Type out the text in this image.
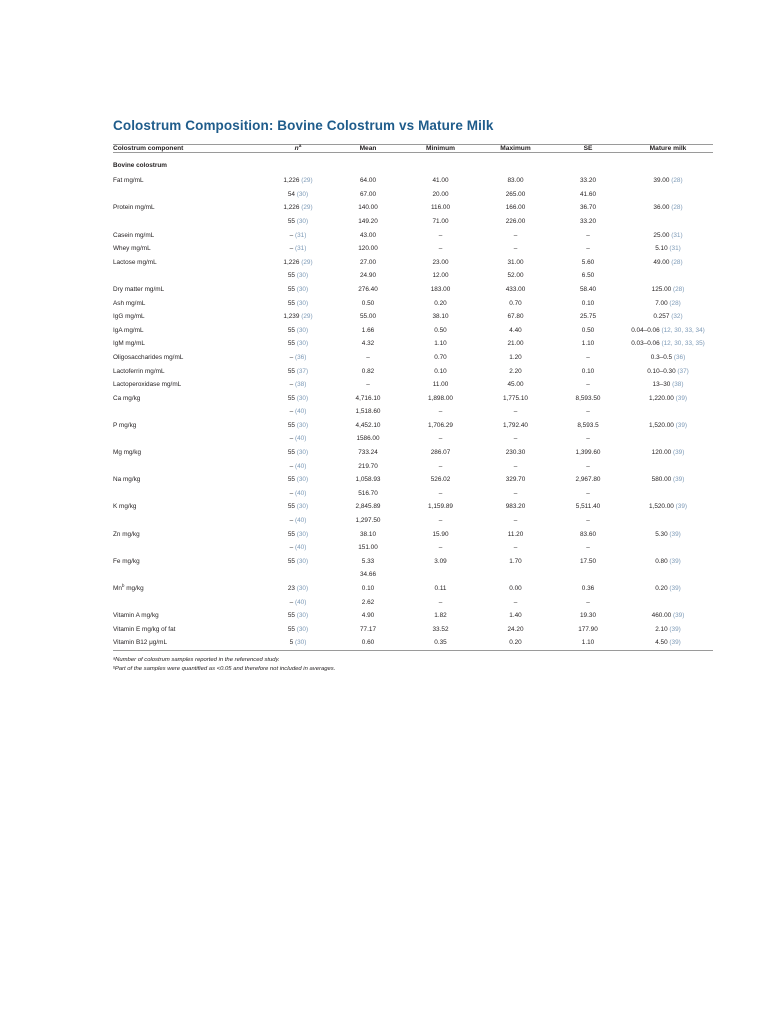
Colostrum Composition: Bovine Colostrum vs Mature Milk
Colostrum component	$n^a$	Mean	Minimum	Maximum	SE	Mature milk
Bovine colostrum						
Fat mg/mL	1,226 (29)	64.00	41.00	83.00	33.20	39.00 (28)
	54 (30)	67.00	20.00	265.00	41.60	
Protein mg/mL	1,226 (29)	140.00	116.00	166.00	36.70	36.00 (28)
	55 (30)	149.20	71.00	226.00	33.20	
Casein mg/mL	– (31)	43.00	–	–	–	25.00 (31)
Whey mg/mL	– (31)	120.00	–	–	–	5.10 (31)
Lactose mg/mL	1,226 (29)	27.00	23.00	31.00	5.60	49.00 (28)
	55 (30)	24.90	12.00	52.00	6.50	
Dry matter mg/mL	55 (30)	276.40	183.00	433.00	58.40	125.00 (28)
Ash mg/mL	55 (30)	0.50	0.20	0.70	0.10	7.00 (28)
IgG mg/mL	1,239 (29)	55.00	38.10	67.80	25.75	0.257 (32)
IgA mg/mL	55 (30)	1.66	0.50	4.40	0.50	0.04–0.06 (12, 30, 33, 34)
IgM mg/mL	55 (30)	4.32	1.10	21.00	1.10	0.03–0.06 (12, 30, 33, 35)
Oligosaccharides mg/mL	– (36)	–	0.70	1.20	–	0.3–0.5 (36)
Lactoferrin mg/mL	55 (37)	0.82	0.10	2.20	0.10	0.10–0.30 (37)
Lactoperoxidase mg/mL	– (38)	–	11.00	45.00	–	13–30 (38)
Ca mg/kg	55 (30)	4,716.10	1,898.00	1,775.10	8,593.50	1,220.00 (39)
	– (40)	1,518.60	–	–	–	
P mg/kg	55 (30)	4,452.10	1,706.29	1,792.40	8,593.5	1,520.00 (39)
	– (40)	1586.00	–	–	–	
Mg mg/kg	55 (30)	733.24	286.07	230.30	1,399.60	120.00 (39)
	– (40)	219.70	–	–	–	
Na mg/kg	55 (30)	1,058.93	526.02	329.70	2,967.80	580.00 (39)
	– (40)	516.70	–	–	–	
K mg/kg	55 (30)	2,845.89	1,159.89	983.20	5,511.40	1,520.00 (39)
	– (40)	1,297.50	–	–	–	
Zn mg/kg	55 (30)	38.10	15.90	11.20	83.60	5.30 (39)
	– (40)	151.00	–	–	–	
Fe mg/kg	55 (30)	5.33	3.09	1.70	17.50	0.80 (39)
		34.66				
Mn$^b$ mg/kg	23 (30)	0.10	0.11	0.00	0.36	0.20 (39)
	– (40)	2.62	–	–	–	
Vitamin A mg/kg	55 (30)	4.90	1.82	1.40	19.30	460.00 (39)
Vitamin E mg/kg of fat	55 (30)	77.17	33.52	24.20	177.90	2.10 (39)
Vitamin B12 μg/mL	5 (30)	0.60	0.35	0.20	1.10	4.50 (39)

ᵃNumber of colostrum samples reported in the referenced study.
ᵇPart of the samples were quantified as <0.05 and therefore not included in averages.
